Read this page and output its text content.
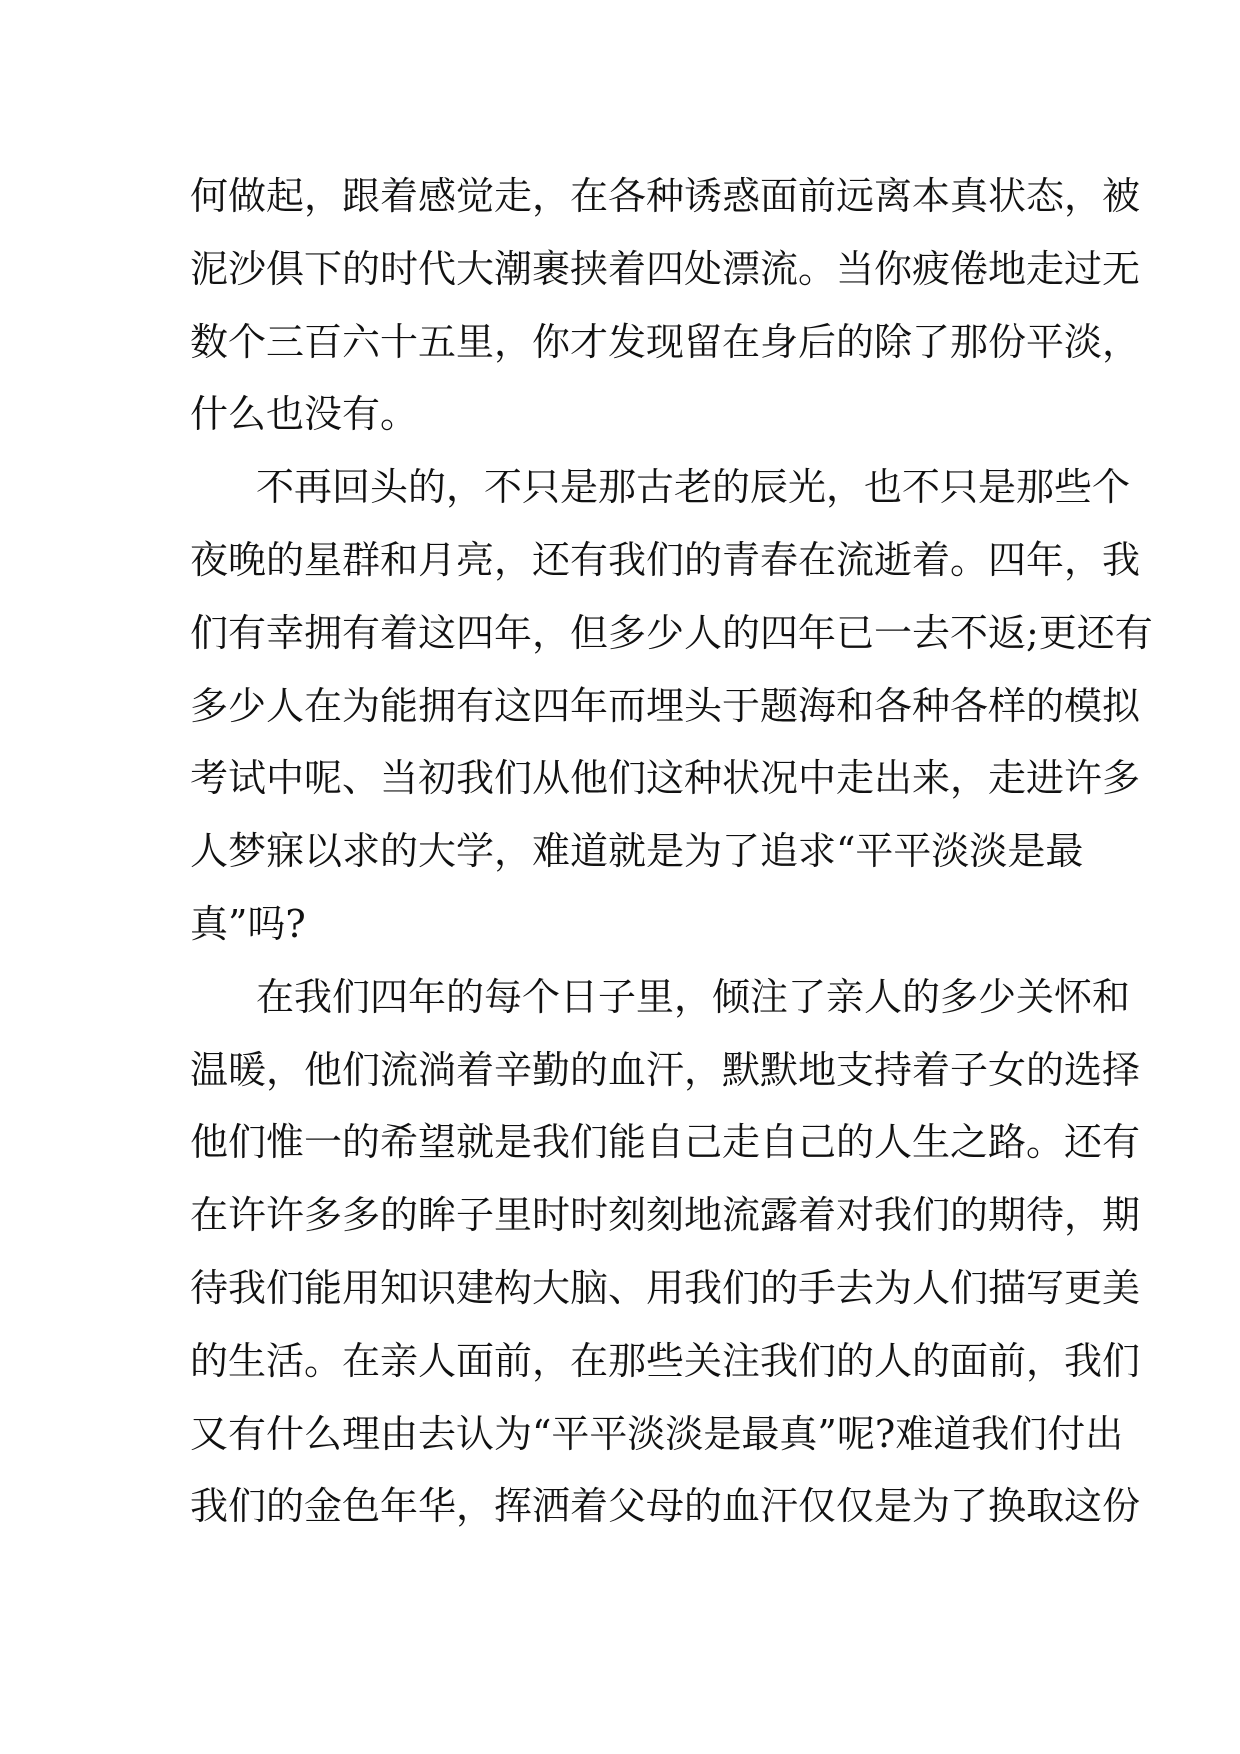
何做起，跟着感觉走，在各种诱惑面前远离本真状态，被
泥沙俱下的时代大潮裹挟着四处漂流。当你疲倦地走过无
数个三百六十五里，你才发现留在身后的除了那份平淡，
什么也没有。
不再回头的，不只是那古老的辰光，也不只是那些个
夜晚的星群和月亮，还有我们的青春在流逝着。四年，我
们有幸拥有着这四年，但多少人的四年已一去不返;更还有
多少人在为能拥有这四年而埋头于题海和各种各样的模拟
考试中呢、当初我们从他们这种状况中走出来，走进许多
人梦寐以求的大学，难道就是为了追求“平平淡淡是最
真”吗?
在我们四年的每个日子里，倾注了亲人的多少关怀和
温暖，他们流淌着辛勤的血汗，默默地支持着子女的选择
他们惟一的希望就是我们能自己走自己的人生之路。还有
在许许多多的眸子里时时刻刻地流露着对我们的期待，期
待我们能用知识建构大脑、用我们的手去为人们描写更美
的生活。在亲人面前，在那些关注我们的人的面前，我们
又有什么理由去认为“平平淡淡是最真”呢?难道我们付出
我们的金色年华，挥洒着父母的血汗仅仅是为了换取这份
